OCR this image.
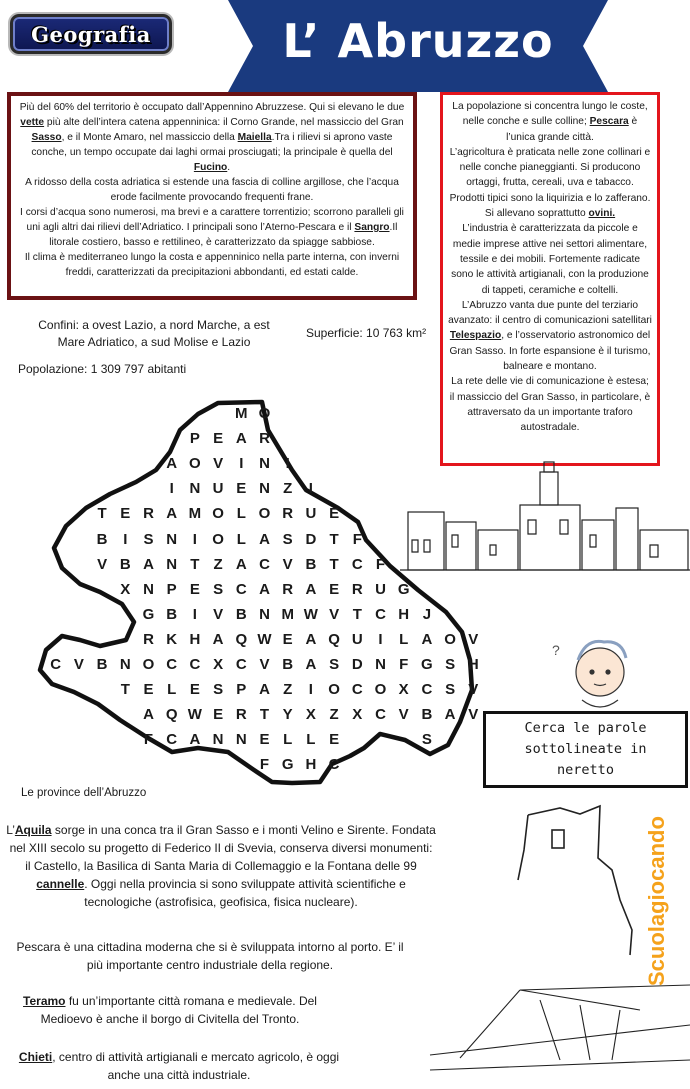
Geografia	L’ Abruzzo

Più del 60% del territorio è occupato dall’Appennino Abruzzese. Qui si elevano le due vette più alte dell’intera catena appenninica: il Corno Grande, nel massiccio del Gran Sasso, e il Monte Amaro, nel massiccio della Maiella.Tra i rilievi si aprono vaste conche, un tempo occupate dai laghi ormai prosciugati; la principale è quella del Fucino.

A ridosso della costa adriatica si estende una fascia di colline argillose, che l’acqua erode facilmente provocando frequenti frane.

I corsi d’acqua sono numerosi, ma brevi e a carattere torrentizio; scorrono paralleli gli uni agli altri dai rilievi dell’Adriatico. I principali sono l’Aterno-Pescara e il Sangro.Il litorale costiero, basso e rettilineo, è caratterizzato da spiagge sabbiose.

Il clima è mediterraneo lungo la costa e appenninico nella parte interna, con inverni freddi, caratterizzati da precipitazioni abbondanti, ed estati calde.

La popolazione si concentra lungo le coste, nelle conche e sulle colline; Pescara è l’unica grande città.

L’agricoltura è praticata nelle zone collinari e nelle conche pianeggianti. Si producono ortaggi, frutta, cereali, uva e tabacco. Prodotti tipici sono la liquirizia e lo zafferano.

Si allevano soprattutto ovini.

L’industria è caratterizzata da piccole e medie imprese attive nei settori alimentare, tessile e dei mobili. Fortemente radicate sono le attività artigianali, con la produzione di tappeti, ceramiche e coltelli.

L’Abruzzo vanta due punte del terziario avanzato: il centro di comunicazioni satellitari Telespazio, e l’osservatorio astronomico del Gran Sasso. In forte espansione è il turismo, balneare e montano.

La rete delle vie di comunicazione è estesa; il massiccio del Gran Sasso, in particolare, è attraversato da un importante traforo autostradale.

Confini: a ovest Lazio, a nord Marche, a est
Mare Adriatico, a sud Molise e Lazio
Superficie: 10 763 km²
Popolazione: 1 309 797 abitanti
?
M O
P E A R
A O V	I	N	I
I	N U E N Z	I
T E R A M O L O R U E
B	I	S N	I	O L A S D T F
V B A N T Z A C V B T C F
X N P E S C A R A E R U G
G B	I	V B N M W V T C H J
R K H A Q W E A Q U	I	L A O V
C V B N O C C X C V B A S D N F G S H
T E L E S P A Z	I	O C O X C S V
A Q W E R T Y X Z X C V B A V
F C A N N E L L E	S
F G H C
Cerca le parole
sottolineate in
neretto
Le province dell’Abruzzo

L’Aquila sorge in una conca tra il Gran Sasso e i monti Velino e Sirente. Fondata nel XIII secolo su progetto di Federico II di Svevia, conserva diversi monumenti: il Castello, la Basilica di Santa Maria di Collemaggio e la Fontana delle 99 cannelle. Oggi nella provincia si sono sviluppate attività scientifiche e tecnologiche (astrofisica, geofisica, fisica nucleare).

Pescara è una cittadina moderna che si è sviluppata intorno al porto. E’ il più importante centro industriale della regione.

Teramo fu un’importante città romana e medievale. Del Medioevo è anche il borgo di Civitella del Tronto.

Chieti, centro di attività artigianali e mercato agricolo, è oggi anche una città industriale.

Scuolagiocando
